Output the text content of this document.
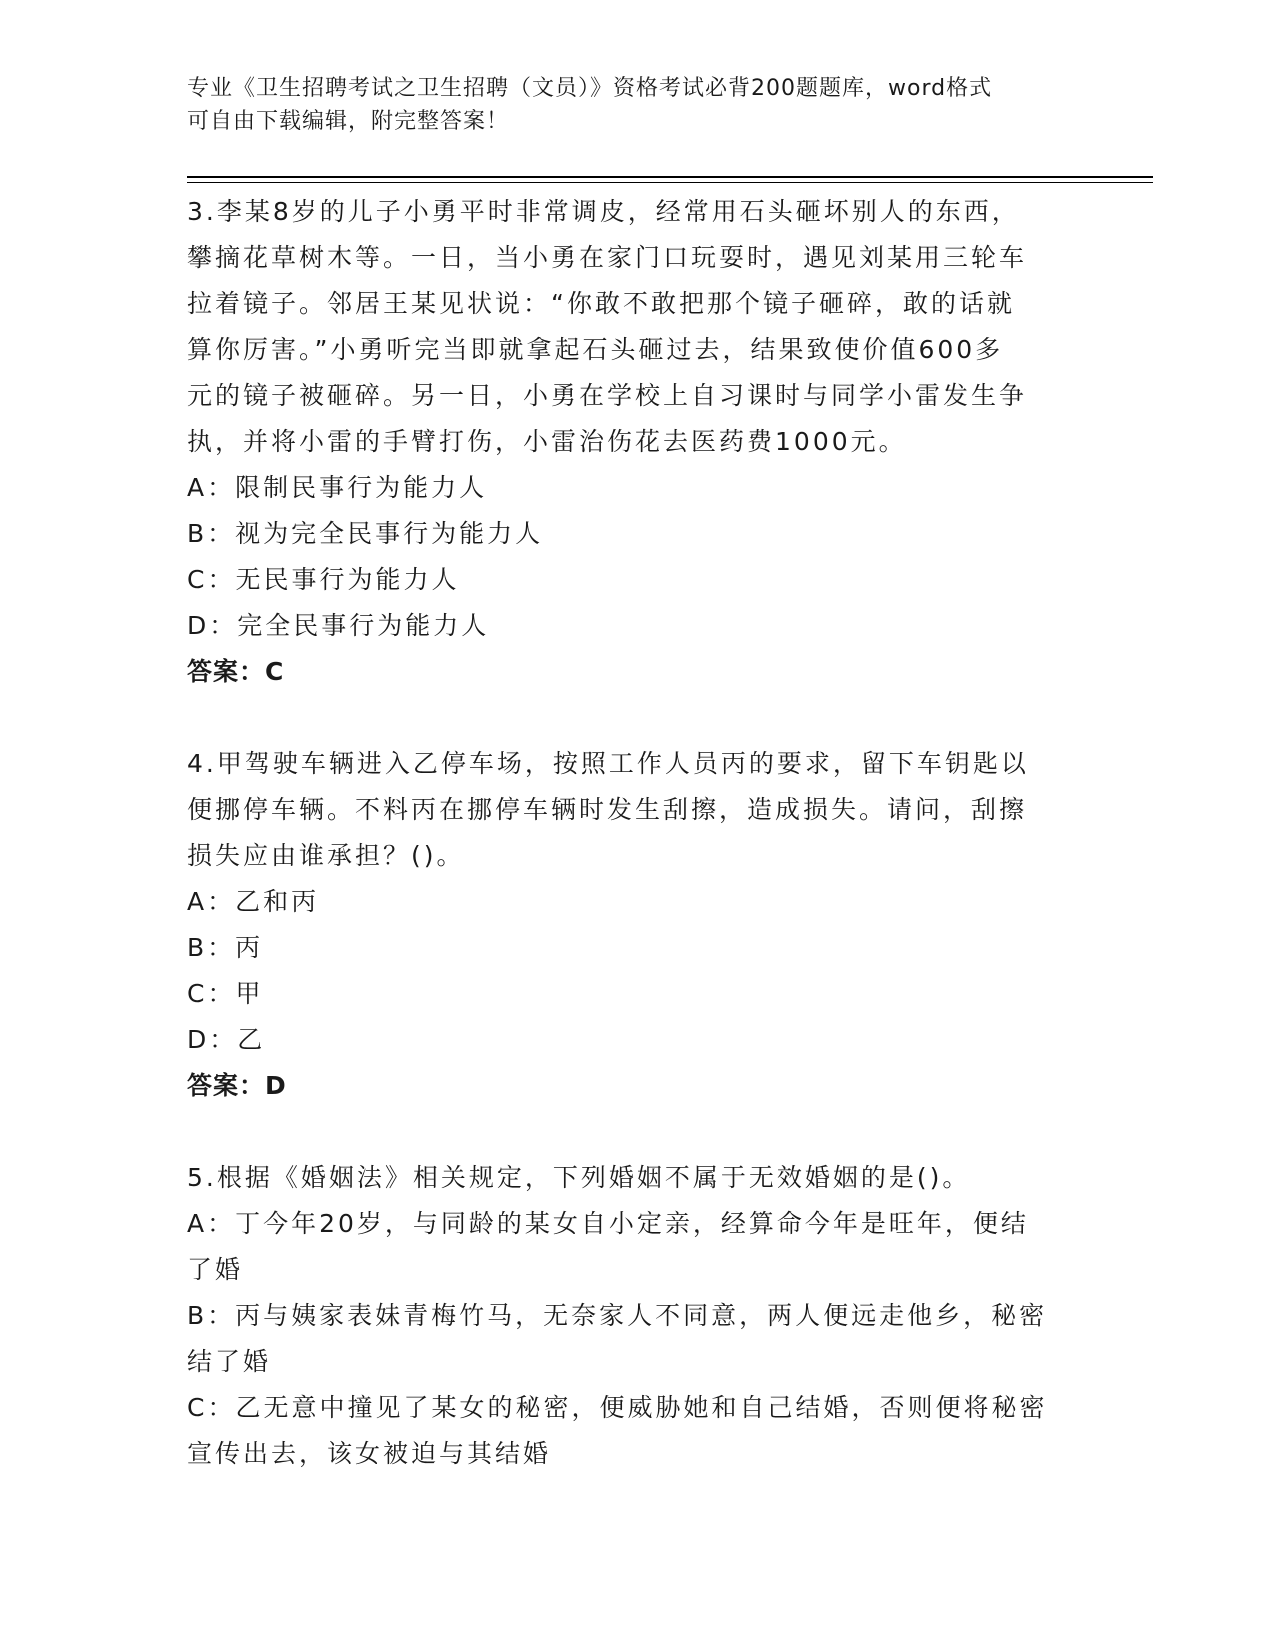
专业《卫生招聘考试之卫生招聘（文员）》资格考试必背200题题库，word格式
可自由下载编辑，附完整答案！

3.李某8岁的儿子小勇平时非常调皮，经常用石头砸坏别人的东西，

攀摘花草树木等。一日，当小勇在家门口玩耍时，遇见刘某用三轮车

拉着镜子。邻居王某见状说：“你敢不敢把那个镜子砸碎，敢的话就

算你厉害。”小勇听完当即就拿起石头砸过去，结果致使价值600多

元的镜子被砸碎。另一日，小勇在学校上自习课时与同学小雷发生争

执，并将小雷的手臂打伤，小雷治伤花去医药费1000元。

A：限制民事行为能力人

B：视为完全民事行为能力人

C：无民事行为能力人

D：完全民事行为能力人

答案：C

4.甲驾驶车辆进入乙停车场，按照工作人员丙的要求，留下车钥匙以

便挪停车辆。不料丙在挪停车辆时发生刮擦，造成损失。请问，刮擦

损失应由谁承担？()。

A：乙和丙

B：丙

C：甲

D：乙

答案：D

5.根据《婚姻法》相关规定，下列婚姻不属于无效婚姻的是()。

A：丁今年20岁，与同龄的某女自小定亲，经算命今年是旺年，便结

了婚

B：丙与姨家表妹青梅竹马，无奈家人不同意，两人便远走他乡，秘密

结了婚

C：乙无意中撞见了某女的秘密，便威胁她和自己结婚，否则便将秘密

宣传出去，该女被迫与其结婚
